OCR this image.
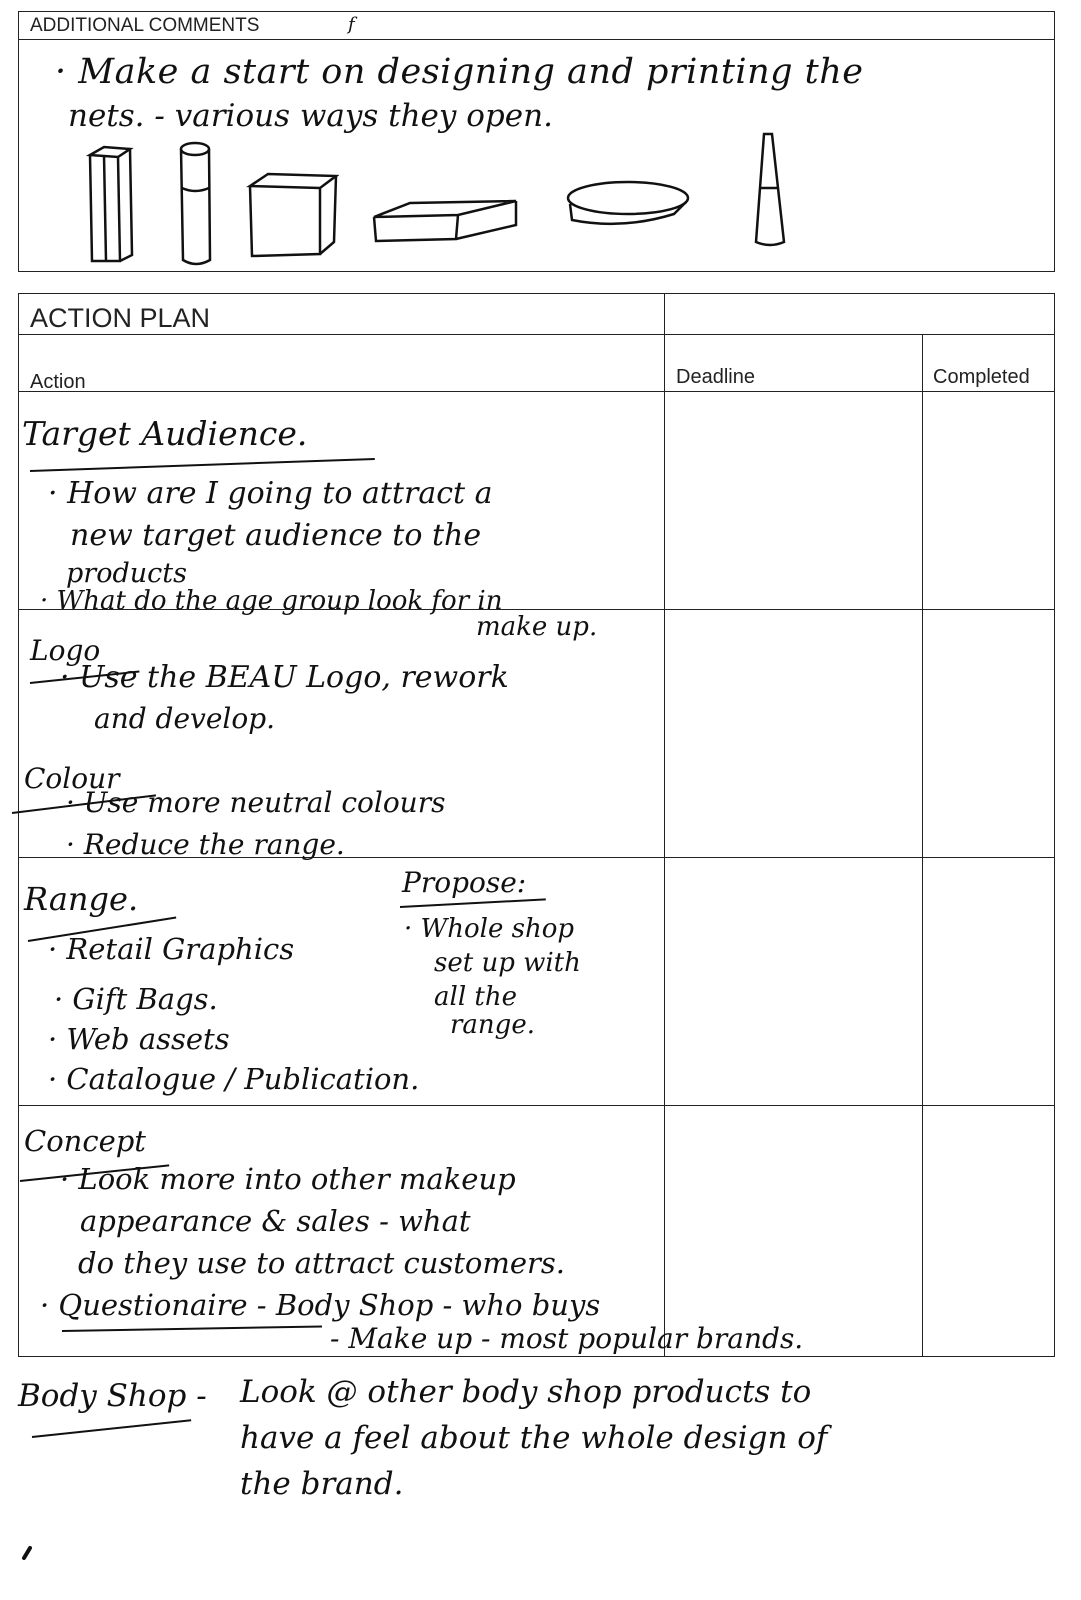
ADDITIONAL COMMENTS	f
· Make a start on designing and printing the
nets. - various ways they open.
ACTION PLAN
Action	Deadline	Completed
Target Audience.
· How are I going to attract a
new target audience to the
products
· What do the age group look for in
make up.
Logo
· Use the BEAU Logo, rework
and develop.
Colour
· Use more neutral colours
· Reduce the range.
Range.
· Retail Graphics
· Gift Bags.
· Web assets
· Catalogue / Publication.
Propose:
· Whole shop
set up with
all the
range.
Concept
· Look more into other makeup
appearance & sales - what
do they use to attract customers.
· Questionaire - Body Shop - who buys
- Make up - most popular brands.
Body Shop - Look @ other body shop products to
have a feel about the whole design of
the brand.
